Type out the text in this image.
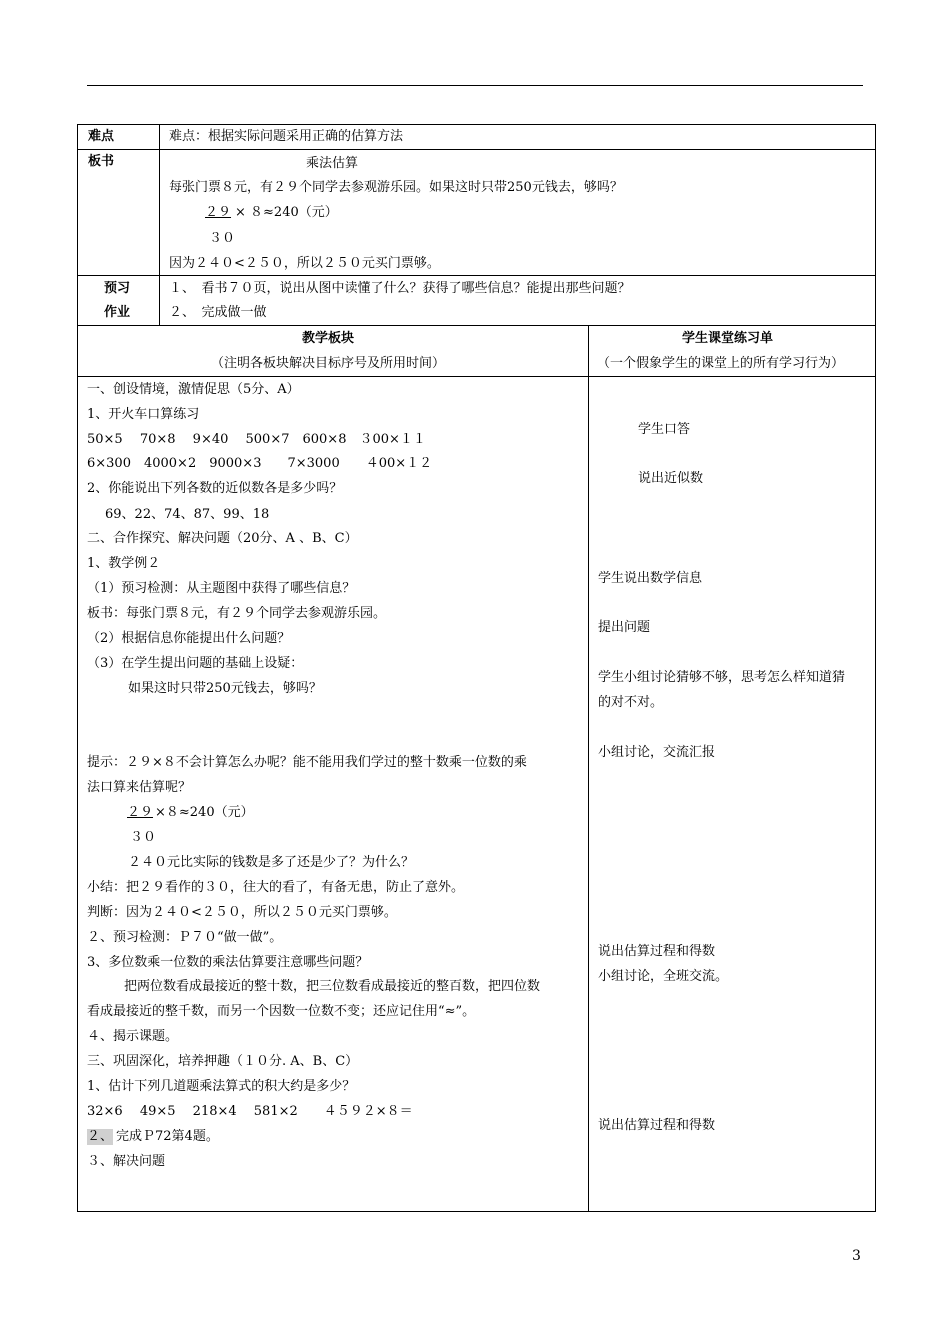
难点	难点：根据实际问题采用正确的估算方法
板书	乘法估算
每张门票８元，有２９个同学去参观游乐园。如果这时只带250元钱去，够吗？
２９ × ８≈240（元）
３０
因为２４０<２５０，所以２５０元买门票够。
预习
作业
１、　看书７０页，说出从图中读懂了什么？获得了哪些信息？能提出那些问题？
２、　完成做一做
教学板块
（注明各板块解决目标序号及所用时间）
学生课堂练习单
（一个假象学生的课堂上的所有学习行为）
一、创设情境，激情促思（5分、A）
1、开火车口算练习
50×5　 70×8　 9×40　 500×7　600×8　３00×１１
6×300　4000×2　9000×3　　7×3000　　４00×１２
2、你能说出下列各数的近似数各是多少吗？
69、22、74、87、99、18
二、合作探究、解决问题（20分、A 、B、C）
1、教学例２
（1）预习检测：从主题图中获得了哪些信息？
板书：每张门票８元，有２９个同学去参观游乐园。
（2）根据信息你能提出什么问题？
（3）在学生提出问题的基础上设疑：
如果这时只带250元钱去，够吗？
提示：２９×８不会计算怎么办呢？能不能用我们学过的整十数乘一位数的乘
法口算来估算呢？
２９ ×８≈240（元）
３０
２４０元比实际的钱数是多了还是少了？为什么？
小结：把２９看作的３０，往大的看了，有备无患，防止了意外。
判断：因为２４０<２５０，所以２５０元买门票够。
２、预习检测：Ｐ７０“做一做”。
3、多位数乘一位数的乘法估算要注意哪些问题？
把两位数看成最接近的整十数，把三位数看成最接近的整百数，把四位数
看成最接近的整千数，而另一个因数一位数不变；还应记住用“≈”。
４、揭示课题。
三、巩固深化，培养押趣（１０分. A、B、C）
1、估计下列几道题乘法算式的积大约是多少？
32×6　 49×5　 218×4　 581×2　　４５９２×８＝
２、 完成Ｐ72第4题。
３、解决问题
学生口答
说出近似数
学生说出数学信息
提出问题
学生小组讨论猜够不够，思考怎么样知道猜
的对不对。
小组讨论，交流汇报
说出估算过程和得数
小组讨论，全班交流。
说出估算过程和得数
3
